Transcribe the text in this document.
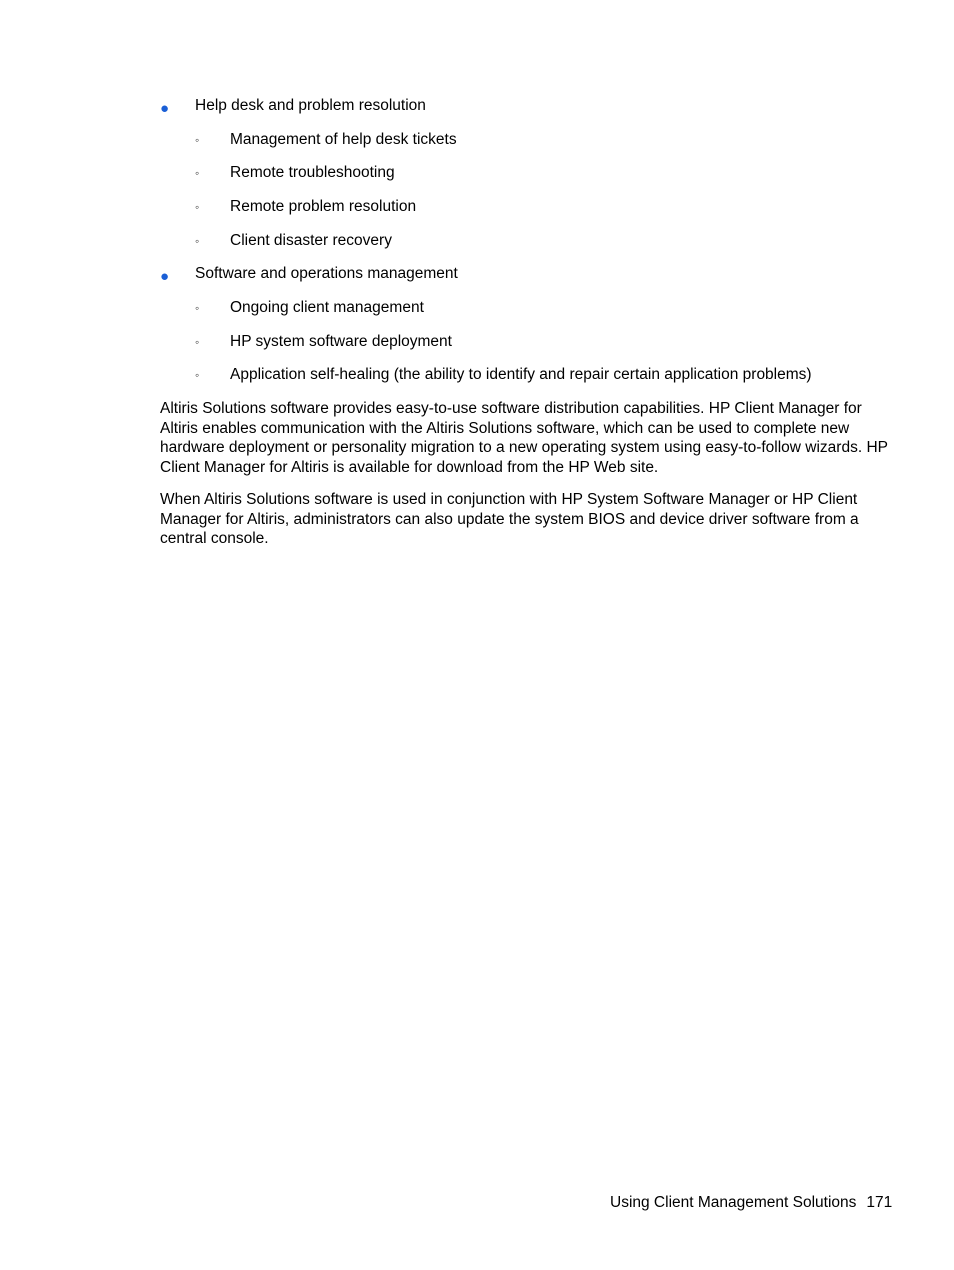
● Help desk and problem resolution
◦ Management of help desk tickets
◦ Remote troubleshooting
◦ Remote problem resolution
◦ Client disaster recovery
● Software and operations management
◦ Ongoing client management
◦ HP system software deployment
◦ Application self-healing (the ability to identify and repair certain application problems)

Altiris Solutions software provides easy-to-use software distribution capabilities. HP Client Manager for Altiris enables communication with the Altiris Solutions software, which can be used to complete new hardware deployment or personality migration to a new operating system using easy-to-follow wizards. HP Client Manager for Altiris is available for download from the HP Web site.

When Altiris Solutions software is used in conjunction with HP System Software Manager or HP Client Manager for Altiris, administrators can also update the system BIOS and device driver software from a central console.

Using Client Management Solutions 171
